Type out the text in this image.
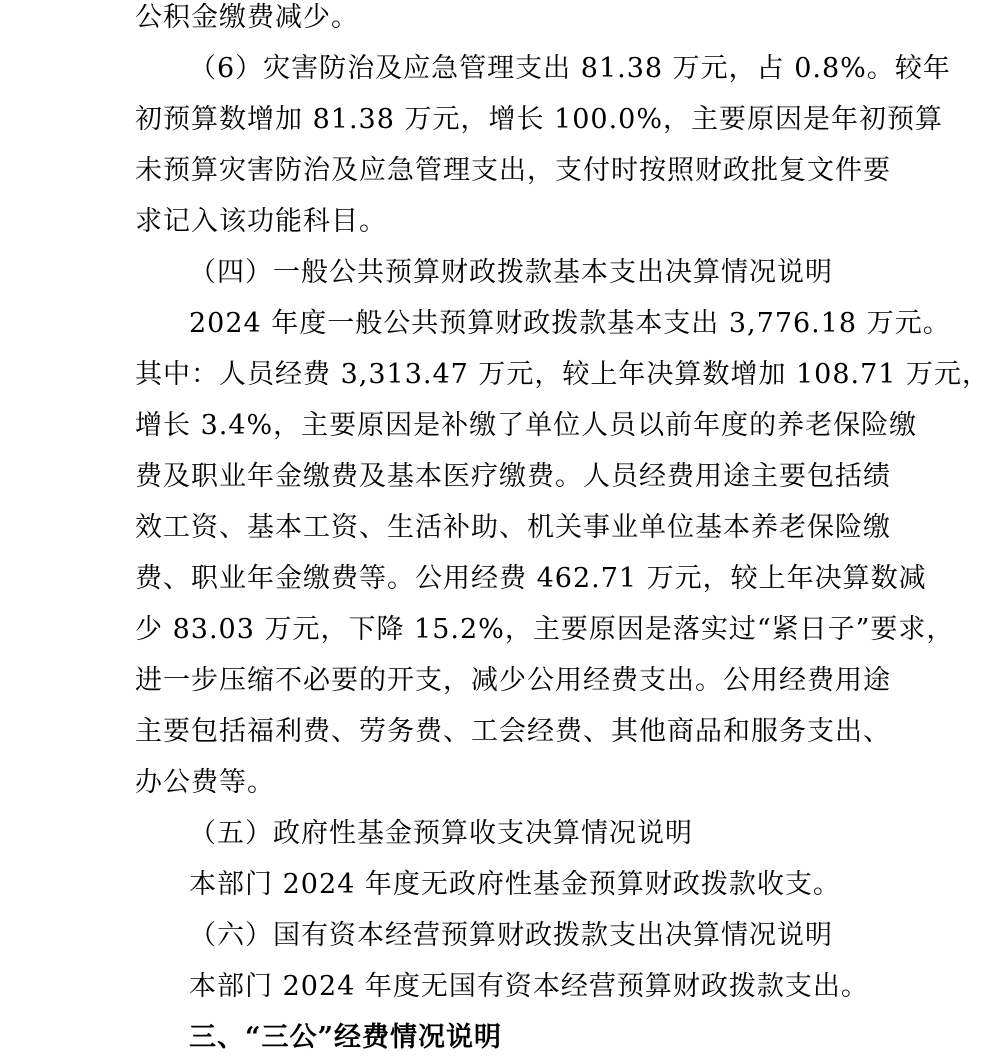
公积金缴费减少。
（6）灾害防治及应急管理支出 81.38 万元，占 0.8%。较年
初预算数增加 81.38 万元，增长 100.0%，主要原因是年初预算
未预算灾害防治及应急管理支出，支付时按照财政批复文件要
求记入该功能科目。
（四）一般公共预算财政拨款基本支出决算情况说明
2024 年度一般公共预算财政拨款基本支出 3,776.18 万元。
其中：人员经费 3,313.47 万元，较上年决算数增加 108.71 万元，
增长 3.4%，主要原因是补缴了单位人员以前年度的养老保险缴
费及职业年金缴费及基本医疗缴费。人员经费用途主要包括绩
效工资、基本工资、生活补助、机关事业单位基本养老保险缴
费、职业年金缴费等。公用经费 462.71 万元，较上年决算数减
少 83.03 万元，下降 15.2%，主要原因是落实过“紧日子”要求，
进一步压缩不必要的开支，减少公用经费支出。公用经费用途
主要包括福利费、劳务费、工会经费、其他商品和服务支出、
办公费等。
（五）政府性基金预算收支决算情况说明
本部门 2024 年度无政府性基金预算财政拨款收支。
（六）国有资本经营预算财政拨款支出决算情况说明
本部门 2024 年度无国有资本经营预算财政拨款支出。
三、“三公”经费情况说明
